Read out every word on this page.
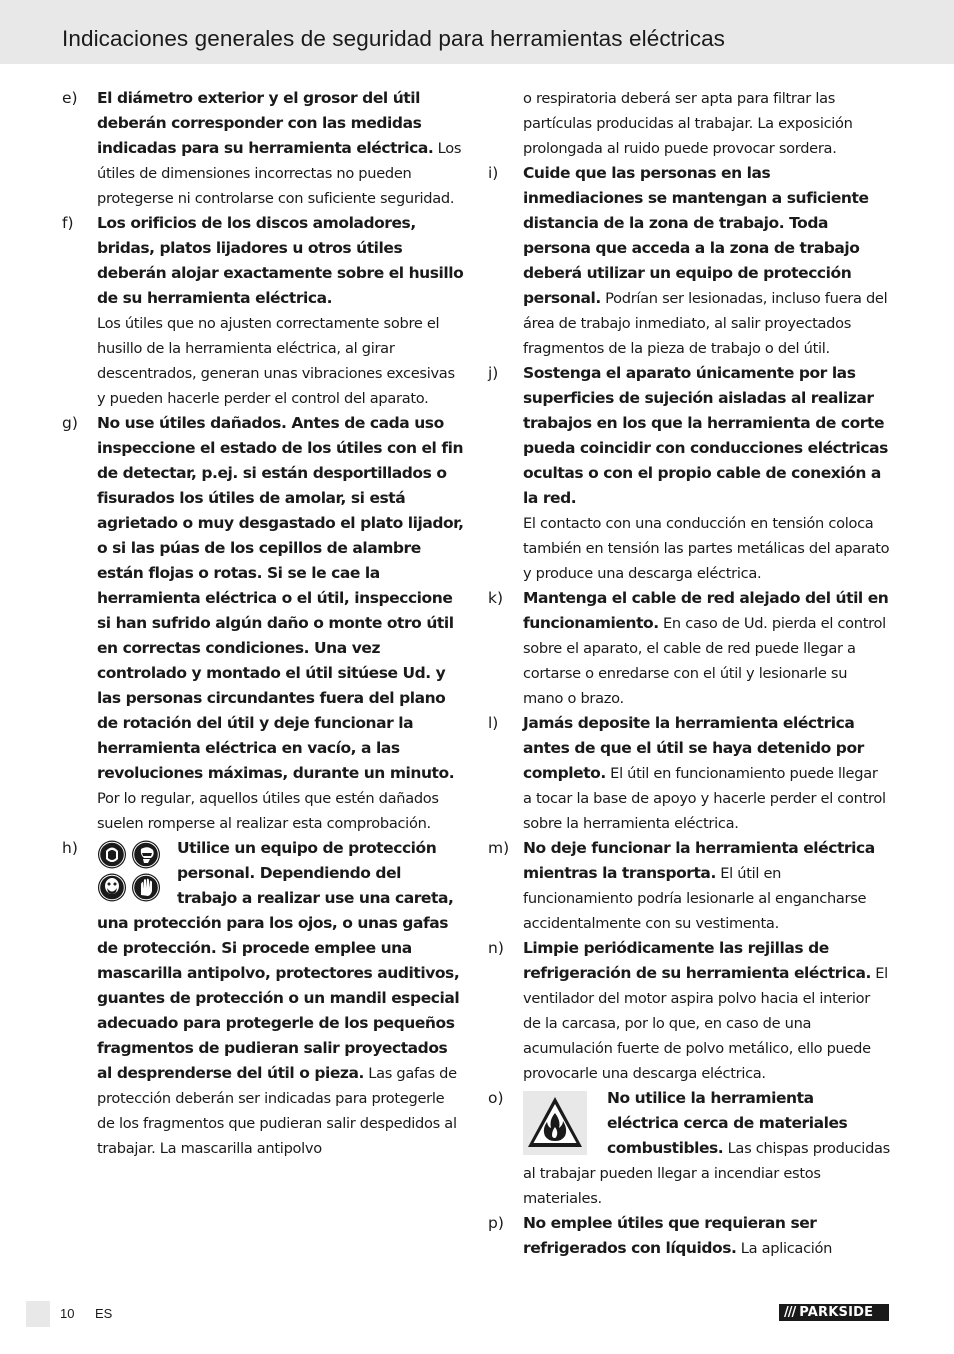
Indicaciones generales de seguridad para herramientas eléctricas
e)	El diámetro exterior y el grosor del útil deberán corresponder con las medidas indicadas para su herramienta eléctrica. Los útiles de dimensiones incorrectas no pueden protegerse ni controlarse con suficiente seguridad.
f)	Los orificios de los discos amoladores, bridas, platos lijadores u otros útiles deberán alojar exactamente sobre el husillo de su herramienta eléctrica.
Los útiles que no ajusten correctamente sobre el husillo de la herramienta eléctrica, al girar descentrados, generan unas vibraciones excesivas y pueden hacerle perder el control del aparato.
g)	No use útiles dañados. Antes de cada uso inspeccione el estado de los útiles con el fin de detectar, p.ej. si están desportillados o fisurados los útiles de amolar, si está agrietado o muy desgastado el plato lijador, o si las púas de los cepillos de alambre están flojas o rotas. Si se le cae la herramienta eléctrica o el útil, inspeccione si han sufrido algún daño o monte otro útil en correctas condiciones. Una vez controlado y montado el útil sitúese Ud. y las personas circundantes fuera del plano de rotación del útil y deje funcionar la herramienta eléctrica en vacío, a las revoluciones máximas, durante un minuto. Por lo regular, aquellos útiles que estén dañados suelen romperse al realizar esta comprobación.
h)	Utilice un equipo de protección personal. Dependiendo del trabajo a realizar use una careta, una protección para los ojos, o unas gafas de protección. Si procede emplee una mascarilla antipolvo, protectores auditivos, guantes de protección o un mandil especial adecuado para protegerle de los pequeños fragmentos de pudieran salir proyectados al desprenderse del útil o pieza. Las gafas de protección deberán ser indicadas para protegerle de los fragmentos que pudieran salir despedidos al trabajar. La mascarilla antipolvo
o respiratoria deberá ser apta para filtrar las partículas producidas al trabajar. La exposición prolongada al ruido puede provocar sordera.
i)	Cuide que las personas en las inmediaciones se mantengan a suficiente distancia de la zona de trabajo. Toda persona que acceda a la zona de trabajo deberá utilizar un equipo de protección personal. Podrían ser lesionadas, incluso fuera del área de trabajo inmediato, al salir proyectados fragmentos de la pieza de trabajo o del útil.
j)	Sostenga el aparato únicamente por las superficies de sujeción aisladas al realizar trabajos en los que la herramienta de corte pueda coincidir con conducciones eléctricas ocultas o con el propio cable de conexión a la red.
El contacto con una conducción en tensión coloca también en tensión las partes metálicas del aparato y produce una descarga eléctrica.
k)	Mantenga el cable de red alejado del útil en funcionamiento. En caso de Ud. pierda el control sobre el aparato, el cable de red puede llegar a cortarse o enredarse con el útil y lesionarle su mano o brazo.
l)	Jamás deposite la herramienta eléctrica antes de que el útil se haya detenido por completo. El útil en funcionamiento puede llegar a tocar la base de apoyo y hacerle perder el control sobre la herramienta eléctrica.
m) No deje funcionar la herramienta eléctrica mientras la transporta. El útil en funcionamiento podría lesionarle al engancharse accidentalmente con su vestimenta.
n)	Limpie periódicamente las rejillas de refrigeración de su herramienta eléctrica. El ventilador del motor aspira polvo hacia el interior de la carcasa, por lo que, en caso de una acumulación fuerte de polvo metálico, ello puede provocarle una descarga eléctrica.
o)	No utilice la herramienta eléctrica cerca de materiales combustibles. Las chispas producidas al trabajar pueden llegar a incendiar estos materiales.
p)	No emplee útiles que requieran ser refrigerados con líquidos. La aplicación
10 ES	/// PARKSIDE
